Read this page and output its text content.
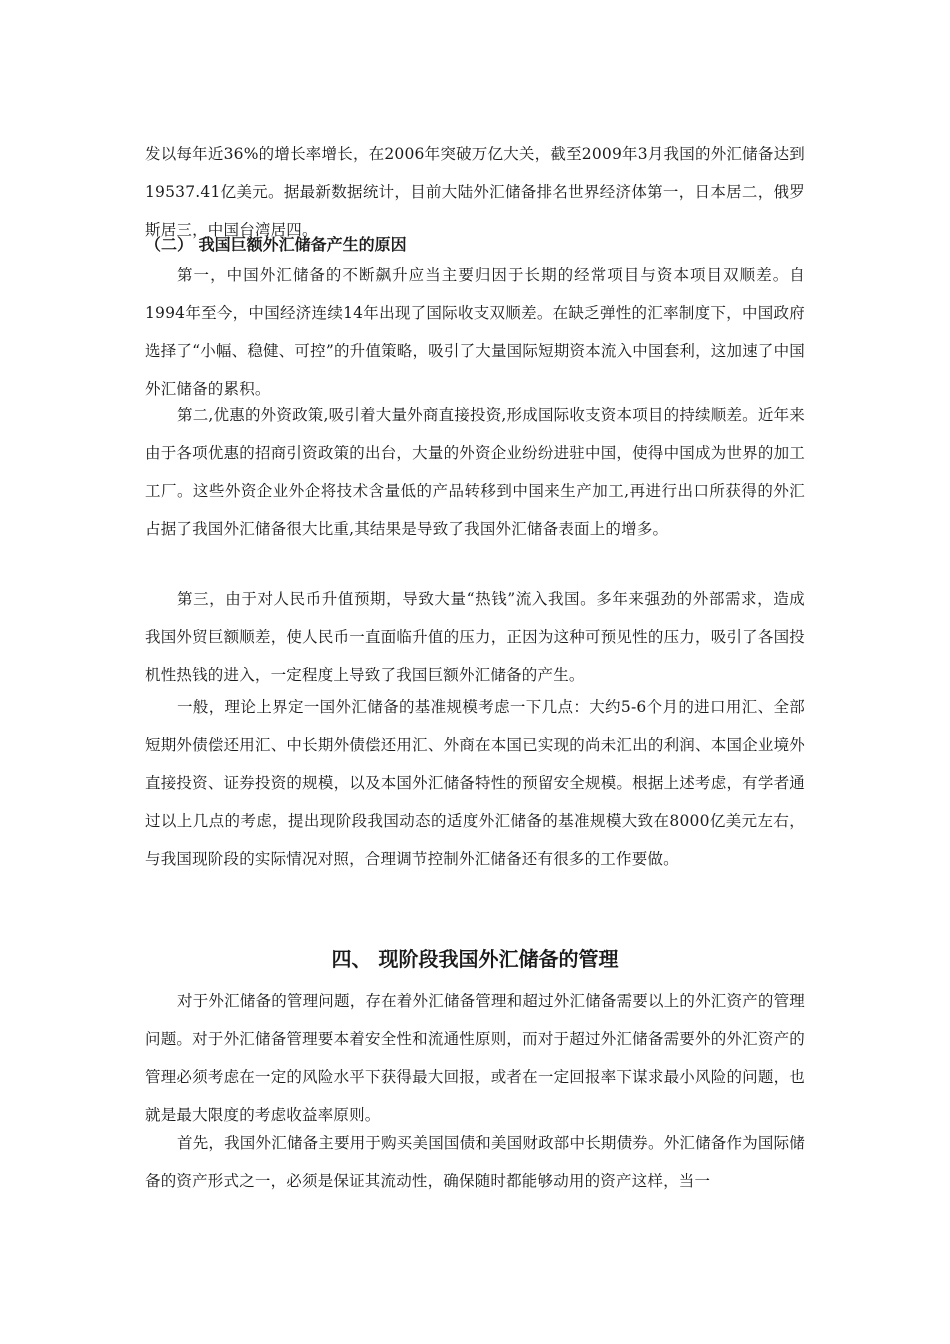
发以每年近36%的增长率增长，在2006年突破万亿大关，截至2009年3月我国的外汇储备达到19537.41亿美元。据最新数据统计，目前大陆外汇储备排名世界经济体第一，日本居二，俄罗斯居三，中国台湾居四。

（二） 我国巨额外汇储备产生的原因

第一，中国外汇储备的不断飙升应当主要归因于长期的经常项目与资本项目双顺差。自1994年至今，中国经济连续14年出现了国际收支双顺差。在缺乏弹性的汇率制度下，中国政府选择了“小幅、稳健、可控”的升值策略，吸引了大量国际短期资本流入中国套利，这加速了中国外汇储备的累积。

第二,优惠的外资政策,吸引着大量外商直接投资,形成国际收支资本项目的持续顺差。近年来由于各项优惠的招商引资政策的出台，大量的外资企业纷纷进驻中国，使得中国成为世界的加工工厂。这些外资企业外企将技术含量低的产品转移到中国来生产加工,再进行出口所获得的外汇占据了我国外汇储备很大比重,其结果是导致了我国外汇储备表面上的增多。

第三，由于对人民币升值预期，导致大量“热钱”流入我国。多年来强劲的外部需求，造成我国外贸巨额顺差，使人民币一直面临升值的压力，正因为这种可预见性的压力，吸引了各国投机性热钱的进入，一定程度上导致了我国巨额外汇储备的产生。

一般，理论上界定一国外汇储备的基准规模考虑一下几点：大约5-6个月的进口用汇、全部短期外债偿还用汇、中长期外债偿还用汇、外商在本国已实现的尚未汇出的利润、本国企业境外直接投资、证券投资的规模，以及本国外汇储备特性的预留安全规模。根据上述考虑，有学者通过以上几点的考虑，提出现阶段我国动态的适度外汇储备的基准规模大致在8000亿美元左右，与我国现阶段的实际情况对照，合理调节控制外汇储备还有很多的工作要做。

四、 现阶段我国外汇储备的管理

对于外汇储备的管理问题，存在着外汇储备管理和超过外汇储备需要以上的外汇资产的管理问题。对于外汇储备管理要本着安全性和流通性原则，而对于超过外汇储备需要外的外汇资产的管理必须考虑在一定的风险水平下获得最大回报，或者在一定回报率下谋求最小风险的问题，也就是最大限度的考虑收益率原则。

首先，我国外汇储备主要用于购买美国国债和美国财政部中长期债券。外汇储备作为国际储备的资产形式之一，必须是保证其流动性，确保随时都能够动用的资产这样，当一
